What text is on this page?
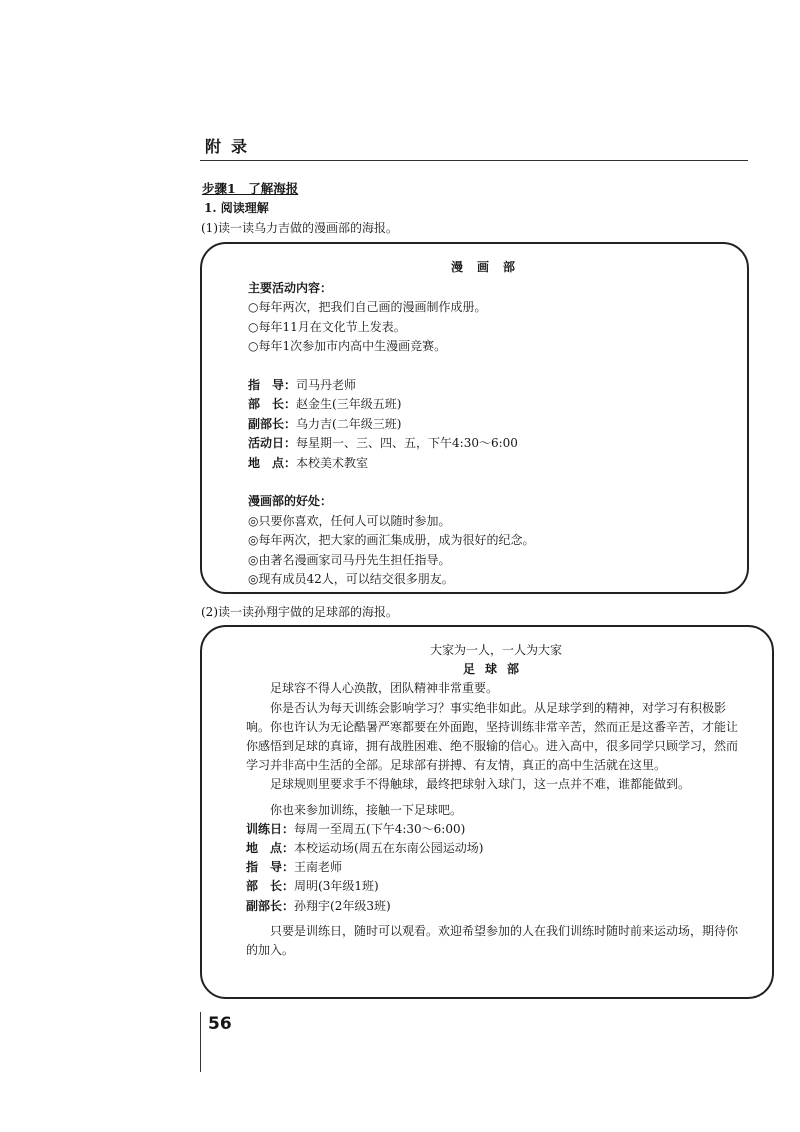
附录
步骤1　了解海报
1. 阅读理解
(1)读一读乌力吉做的漫画部的海报。
漫画部
主要活动内容：
○每年两次，把我们自己画的漫画制作成册。
○每年11月在文化节上发表。
○每年1次参加市内高中生漫画竞赛。
指　导：司马丹老师
部　长：赵金生(三年级五班)
副部长：乌力吉(二年级三班)
活动日：每星期一、三、四、五，下午4:30～6:00
地　点：本校美术教室
漫画部的好处：
◎只要你喜欢，任何人可以随时参加。
◎每年两次，把大家的画汇集成册，成为很好的纪念。
◎由著名漫画家司马丹先生担任指导。
◎现有成员42人，可以结交很多朋友。
(2)读一读孙翔宇做的足球部的海报。
大家为一人，一人为大家
足球部
足球容不得人心涣散，团队精神非常重要。
你是否认为每天训练会影响学习？事实绝非如此。从足球学到的精神，对学习有积极影响。你也许认为无论酷暑严寒都要在外面跑，坚持训练非常辛苦，然而正是这番辛苦，才能让你感悟到足球的真谛，拥有战胜困难、绝不服输的信心。进入高中，很多同学只顾学习，然而学习并非高中生活的全部。足球部有拼搏、有友情，真正的高中生活就在这里。
足球规则里要求手不得触球，最终把球射入球门，这一点并不难，谁都能做到。
你也来参加训练，接触一下足球吧。
训练日：每周一至周五(下午4:30～6:00)
地　点：本校运动场(周五在东南公园运动场)
指　导：王南老师
部　长：周明(3年级1班)
副部长：孙翔宇(2年级3班)
只要是训练日，随时可以观看。欢迎希望参加的人在我们训练时随时前来运动场，期待你的加入。
56
